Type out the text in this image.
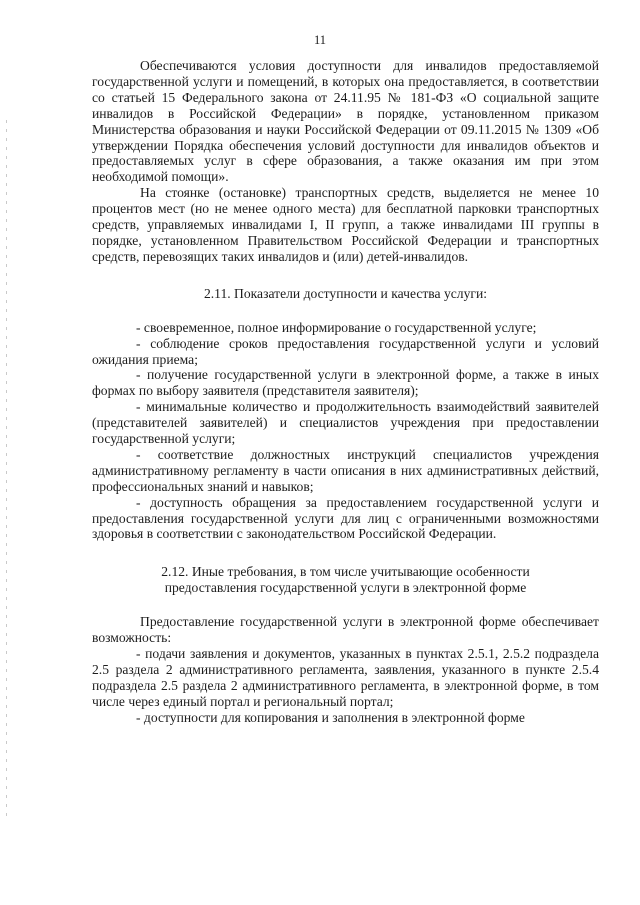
11

Обеспечиваются условия доступности для инвалидов предоставляемой государственной услуги и помещений, в которых она предоставляется, в соответствии со статьей 15 Федерального закона от 24.11.95 № 181-ФЗ «О социальной защите инвалидов в Российской Федерации» в порядке, установленном приказом Министерства образования и науки Российской Федерации от 09.11.2015 № 1309 «Об утверждении Порядка обеспечения условий доступности для инвалидов объектов и предоставляемых услуг в сфере образования, а также оказания им при этом необходимой помощи».

На стоянке (остановке) транспортных средств, выделяется не менее 10 процентов мест (но не менее одного места) для бесплатной парковки транспортных средств, управляемых инвалидами I, II групп, а также инвалидами III группы в порядке, установленном Правительством Российской Федерации и транспортных средств, перевозящих таких инвалидов и (или) детей-инвалидов.

2.11. Показатели доступности и качества услуги:

- своевременное, полное информирование о государственной услуге;

- соблюдение сроков предоставления государственной услуги и условий ожидания приема;

- получение государственной услуги в электронной форме, а также в иных формах по выбору заявителя (представителя заявителя);

- минимальные количество и продолжительность взаимодействий заявителей (представителей заявителей) и специалистов учреждения при предоставлении государственной услуги;

- соответствие должностных инструкций специалистов учреждения административному регламенту в части описания в них административных действий, профессиональных знаний и навыков;

- доступность обращения за предоставлением государственной услуги и предоставления государственной услуги для лиц с ограниченными возможностями здоровья в соответствии с законодательством Российской Федерации.

2.12. Иные требования, в том числе учитывающие особенности
предоставления государственной услуги в электронной форме

Предоставление государственной услуги в электронной форме обеспечивает возможность:

- подачи заявления и документов, указанных в пунктах 2.5.1, 2.5.2 подраздела 2.5 раздела 2 административного регламента, заявления, указанного в пункте 2.5.4 подраздела 2.5 раздела 2 административного регламента, в электронной форме, в том числе через единый портал и региональный портал;

- доступности для копирования и заполнения в электронной форме
